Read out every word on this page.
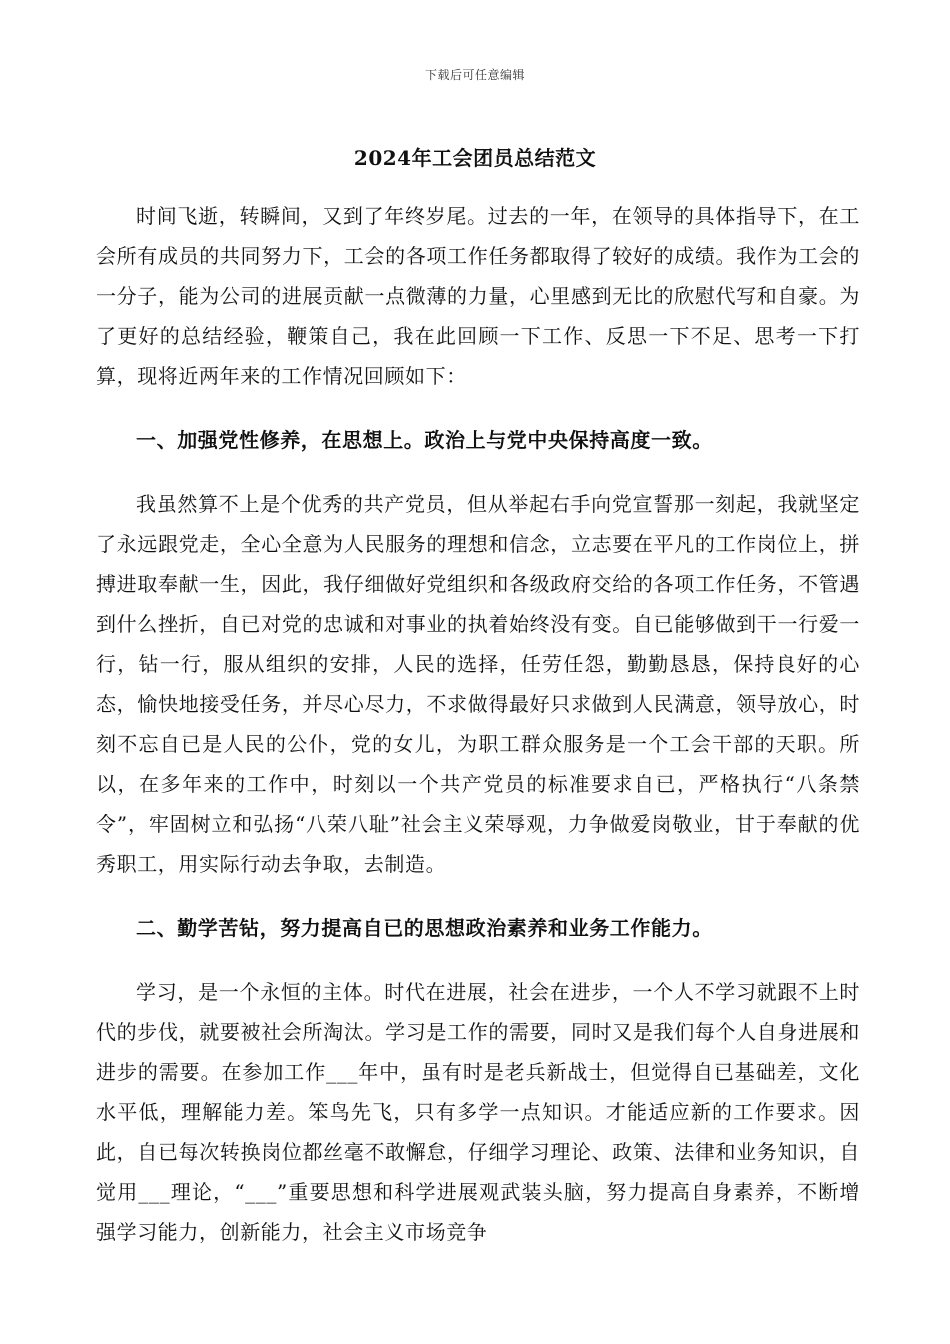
下载后可任意编辑
2024年工会团员总结范文

时间飞逝，转瞬间，又到了年终岁尾。过去的一年，在领导的具体指导下，在工会所有成员的共同努力下，工会的各项工作任务都取得了较好的成绩。我作为工会的一分子，能为公司的进展贡献一点微薄的力量，心里感到无比的欣慰代写和自豪。为了更好的总结经验，鞭策自己，我在此回顾一下工作、反思一下不足、思考一下打算，现将近两年来的工作情况回顾如下：

一、加强党性修养，在思想上。政治上与党中央保持高度一致。

我虽然算不上是个优秀的共产党员，但从举起右手向党宣誓那一刻起，我就坚定了永远跟党走，全心全意为人民服务的理想和信念，立志要在平凡的工作岗位上，拼搏进取奉献一生，因此，我仔细做好党组织和各级政府交给的各项工作任务，不管遇到什么挫折，自已对党的忠诚和对事业的执着始终没有变。自已能够做到干一行爱一行，钻一行，服从组织的安排，人民的选择，任劳任怨，勤勤恳恳，保持良好的心态，愉快地接受任务，并尽心尽力，不求做得最好只求做到人民满意，领导放心，时刻不忘自已是人民的公仆，党的女儿，为职工群众服务是一个工会干部的天职。所以，在多年来的工作中，时刻以一个共产党员的标准要求自已，严格执行“八条禁令”，牢固树立和弘扬“八荣八耻”社会主义荣辱观，力争做爱岗敬业，甘于奉献的优秀职工，用实际行动去争取，去制造。

二、勤学苦钻，努力提高自已的思想政治素养和业务工作能力。

学习，是一个永恒的主体。时代在进展，社会在进步，一个人不学习就跟不上时代的步伐，就要被社会所淘汰。学习是工作的需要，同时又是我们每个人自身进展和进步的需要。在参加工作___年中，虽有时是老兵新战士，但觉得自已基础差，文化水平低，理解能力差。笨鸟先飞，只有多学一点知识。才能适应新的工作要求。因此，自已每次转换岗位都丝毫不敢懈怠，仔细学习理论、政策、法律和业务知识，自觉用___理论，“___”重要思想和科学进展观武装头脑，努力提高自身素养，不断增强学习能力，创新能力，社会主义市场竞争
